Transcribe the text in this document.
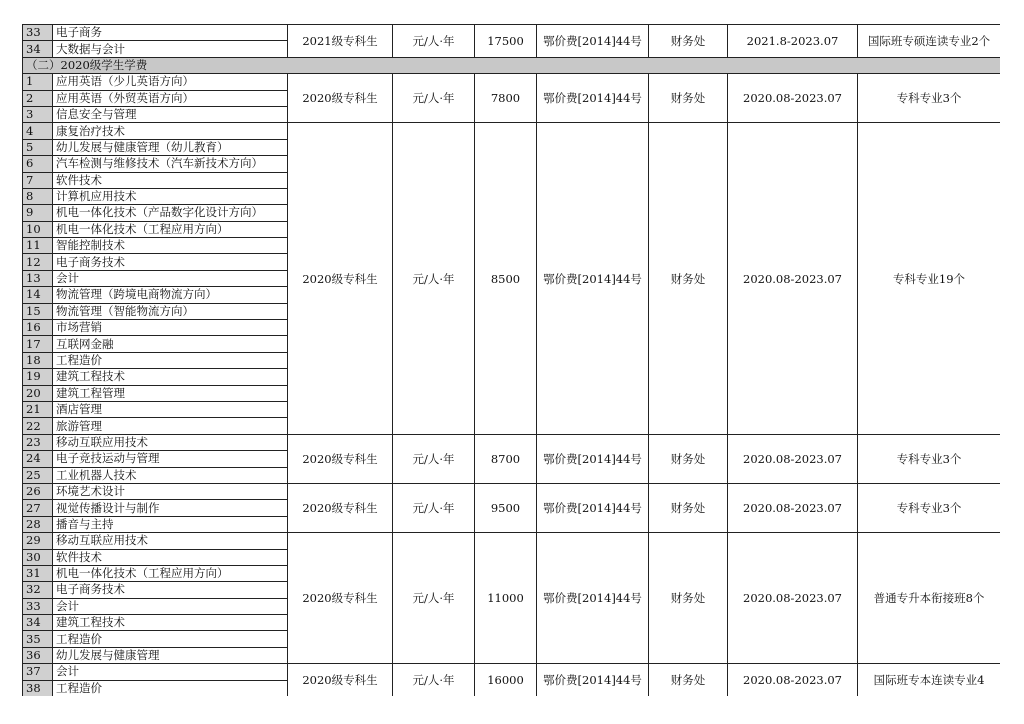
33	电子商务	2021级专科生	元/人·年	17500	鄂价费[2014]44号	财务处	2021.8-2023.07	国际班专硕连读专业2个
34	大数据与会计							
（二）2020级学生学费								
1	应用英语（少儿英语方向）	2020级专科生	元/人·年	7800	鄂价费[2014]44号	财务处	2020.08-2023.07	专科专业3个
2	应用英语（外贸英语方向）							
3	信息安全与管理							
4	康复治疗技术	2020级专科生	元/人·年	8500	鄂价费[2014]44号	财务处	2020.08-2023.07	专科专业19个
5	幼儿发展与健康管理（幼儿教育）							
6	汽车检测与维修技术（汽车新技术方向）							
7	软件技术							
8	计算机应用技术							
9	机电一体化技术（产品数字化设计方向）							
10	机电一体化技术（工程应用方向）							
11	智能控制技术							
12	电子商务技术							
13	会计							
14	物流管理（跨境电商物流方向）							
15	物流管理（智能物流方向）							
16	市场营销							
17	互联网金融							
18	工程造价							
19	建筑工程技术							
20	建筑工程管理							
21	酒店管理							
22	旅游管理							
23	移动互联应用技术	2020级专科生	元/人·年	8700	鄂价费[2014]44号	财务处	2020.08-2023.07	专科专业3个
24	电子竞技运动与管理							
25	工业机器人技术							
26	环境艺术设计	2020级专科生	元/人·年	9500	鄂价费[2014]44号	财务处	2020.08-2023.07	专科专业3个
27	视觉传播设计与制作							
28	播音与主持							
29	移动互联应用技术	2020级专科生	元/人·年	11000	鄂价费[2014]44号	财务处	2020.08-2023.07	普通专升本衔接班8个
30	软件技术							
31	机电一体化技术（工程应用方向）							
32	电子商务技术							
33	会计							
34	建筑工程技术							
35	工程造价							
36	幼儿发展与健康管理							
37	会计	2020级专科生	元/人·年	16000	鄂价费[2014]44号	财务处	2020.08-2023.07	国际班专本连读专业4
38	工程造价							
